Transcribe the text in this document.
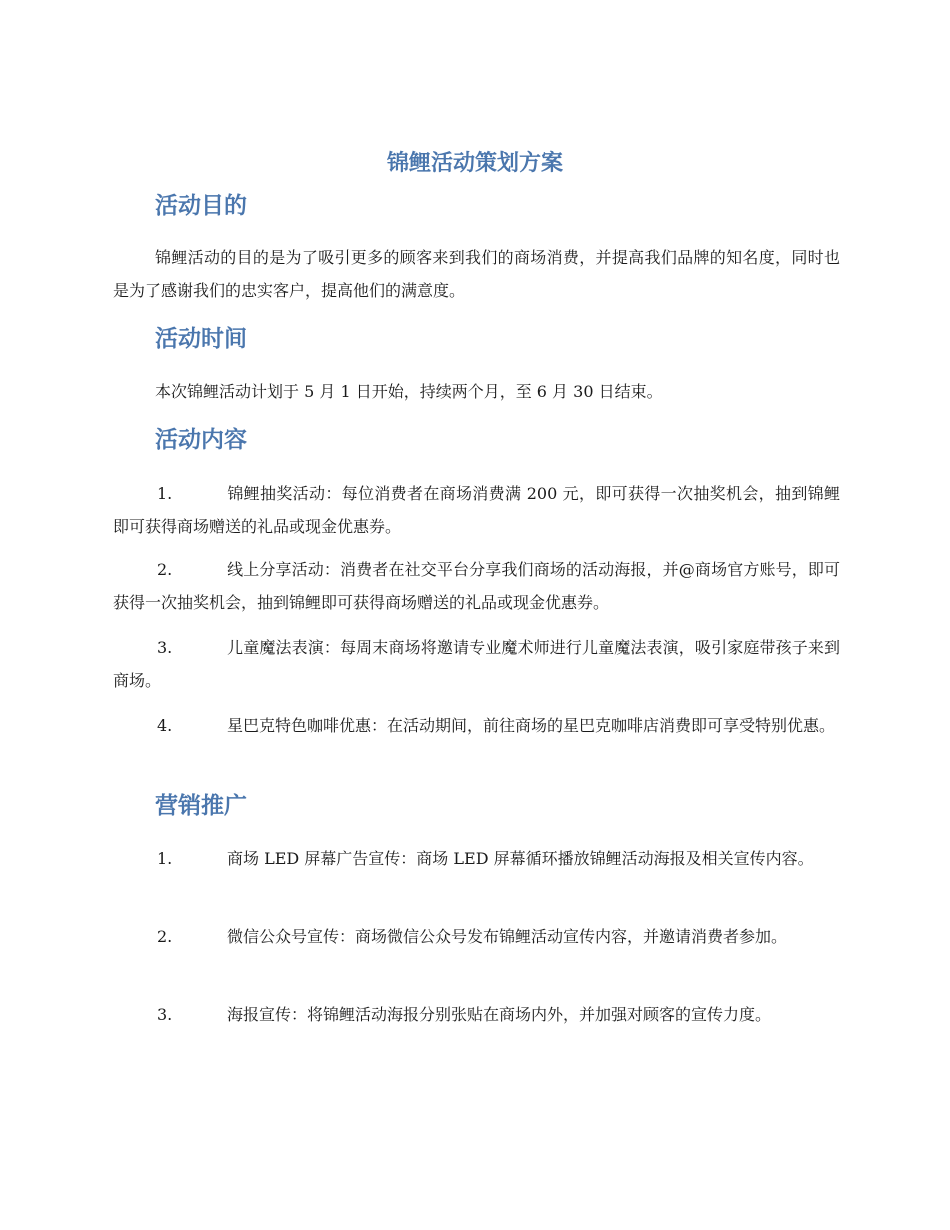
锦鲤活动策划方案
活动目的

锦鲤活动的目的是为了吸引更多的顾客来到我们的商场消费，并提高我们品牌的知名度，同时也是为了感谢我们的忠实客户，提高他们的满意度。

活动时间

本次锦鲤活动计划于 5 月 1 日开始，持续两个月，至 6 月 30 日结束。

活动内容

1.	锦鲤抽奖活动：每位消费者在商场消费满 200 元，即可获得一次抽奖机会，抽到锦鲤即可获得商场赠送的礼品或现金优惠券。

2.	线上分享活动：消费者在社交平台分享我们商场的活动海报，并@商场官方账号，即可获得一次抽奖机会，抽到锦鲤即可获得商场赠送的礼品或现金优惠券。

3.	儿童魔法表演：每周末商场将邀请专业魔术师进行儿童魔法表演，吸引家庭带孩子来到商场。

4.	星巴克特色咖啡优惠：在活动期间，前往商场的星巴克咖啡店消费即可享受特别优惠。

营销推广

1.	商场 LED 屏幕广告宣传：商场 LED 屏幕循环播放锦鲤活动海报及相关宣传内容。

2.	微信公众号宣传：商场微信公众号发布锦鲤活动宣传内容，并邀请消费者参加。

3.	海报宣传：将锦鲤活动海报分别张贴在商场内外，并加强对顾客的宣传力度。
